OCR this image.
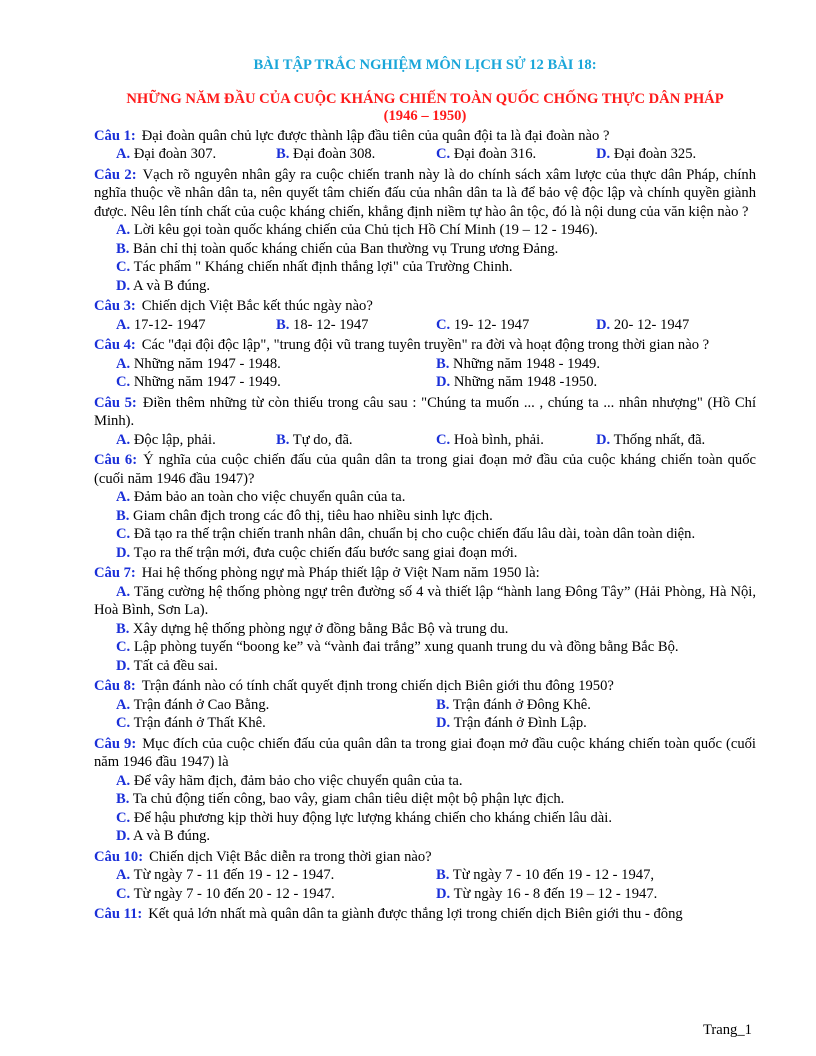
BÀI TẬP TRẮC NGHIỆM MÔN LỊCH SỬ 12 BÀI 18:
NHỮNG NĂM ĐẦU CỦA CUỘC KHÁNG CHIẾN TOÀN QUỐC CHỐNG THỰC DÂN PHÁP
(1946 – 1950)
Câu 1: Đại đoàn quân chủ lực được thành lập đầu tiên của quân đội ta là đại đoàn nào ?
A. Đại đoàn 307.	B. Đại đoàn 308.	C. Đại đoàn 316.	D. Đại đoàn 325.
Câu 2: Vạch rõ nguyên nhân gây ra cuộc chiến tranh này là do chính sách xâm lược của thực dân Pháp, chính nghĩa thuộc về nhân dân ta, nên quyết tâm chiến đấu của nhân dân ta là để bảo vệ độc lập và chính quyền giành được. Nêu lên tính chất của cuộc kháng chiến, khẳng định niềm tự hào ân tộc, đó là nội dung của văn kiện nào ?
A. Lời kêu gọi toàn quốc kháng chiến của Chủ tịch Hồ Chí Minh (19 – 12 - 1946).
B. Bản chỉ thị toàn quốc kháng chiến của Ban thường vụ Trung ương Đảng.
C. Tác phẩm " Kháng chiến nhất định thắng lợi" của Trường Chinh.
D. A và B đúng.
Câu 3: Chiến dịch Việt Bắc kết thúc ngày nào?
A. 17-12- 1947	B. 18- 12- 1947	C. 19- 12- 1947	D. 20- 12- 1947
Câu 4: Các "đại đội độc lập", "trung đội vũ trang tuyên truyền" ra đời và hoạt động trong thời gian nào ?
A. Những năm 1947 - 1948.	B. Những năm 1948 - 1949.
C. Những năm 1947 - 1949.	D. Những năm 1948 -1950.
Câu 5: Điền thêm những từ còn thiếu trong câu sau : "Chúng ta muốn ... , chúng ta ... nhân nhượng" (Hồ Chí Minh).
A. Độc lập, phải.	B. Tự do, đã.	C. Hoà bình, phải.	D. Thống nhất, đã.
Câu 6: Ý nghĩa của cuộc chiến đấu của quân dân ta trong giai đoạn mở đầu của cuộc kháng chiến toàn quốc (cuối năm 1946 đầu 1947)?
A. Đảm bảo an toàn cho việc chuyển quân của ta.
B. Giam chân địch trong các đô thị, tiêu hao nhiều sinh lực địch.
C. Đã tạo ra thế trận chiến tranh nhân dân, chuẩn bị cho cuộc chiến đấu lâu dài, toàn dân toàn diện.
D. Tạo ra thế trận mới, đưa cuộc chiến đấu bước sang giai đoạn mới.
Câu 7: Hai hệ thống phòng ngự mà Pháp thiết lập ở Việt Nam năm 1950 là:
A. Tăng cường hệ thống phòng ngự trên đường số 4 và thiết lập “hành lang Đông Tây” (Hải Phòng, Hà Nội, Hoà Bình, Sơn La).
B. Xây dựng hệ thống phòng ngự ở đồng bằng Bắc Bộ và trung du.
C. Lập phòng tuyến “boong ke” và “vành đai trắng” xung quanh trung du và đồng bằng Bắc Bộ.
D. Tất cả đều sai.
Câu 8: Trận đánh nào có tính chất quyết định trong chiến dịch Biên giới thu đông 1950?
A. Trận đánh ở Cao Bằng.	B. Trận đánh ở Đông Khê.
C. Trận đánh ở Thất Khê.	D. Trận đánh ở Đình Lập.
Câu 9: Mục đích của cuộc chiến đấu của quân dân ta trong giai đoạn mở đầu cuộc kháng chiến toàn quốc (cuối năm 1946 đầu 1947) là
A. Để vây hãm địch, đảm bảo cho việc chuyển quân của ta.
B. Ta chủ động tiến công, bao vây, giam chân tiêu diệt một bộ phận lực địch.
C. Để hậu phương kịp thời huy động lực lượng kháng chiến cho kháng chiến lâu dài.
D. A và B đúng.
Câu 10: Chiến dịch Việt Bắc diễn ra trong thời gian nào?
A. Từ ngày 7 - 11 đến 19 - 12 - 1947.	B. Từ ngày 7 - 10 đến 19 - 12 - 1947,
C. Từ ngày 7 - 10 đến 20 - 12 - 1947.	D. Từ ngày 16 - 8 đến 19 – 12 - 1947.
Câu 11: Kết quả lớn nhất mà quân dân ta giành được thắng lợi trong chiến dịch Biên giới thu - đông
Trang_1
